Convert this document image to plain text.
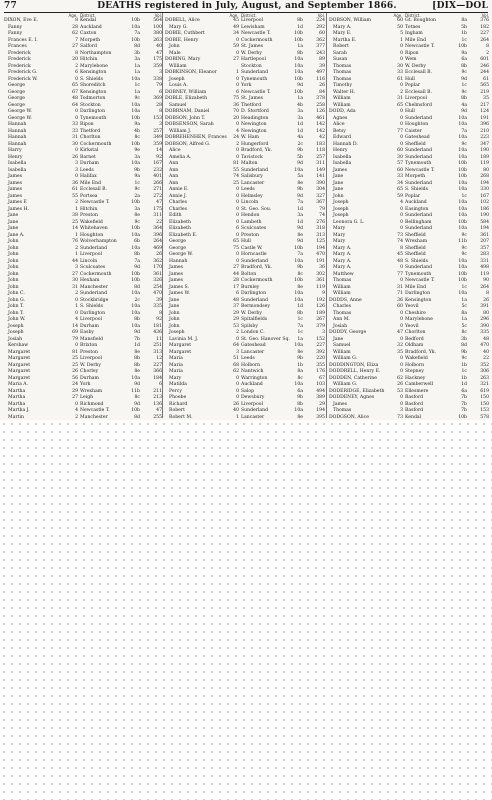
77	DEATHS registered in July, August, and September 1866.	[DIX—DOL
Age. District.	Vol.
DIXON, Eve E.	8 Kendal	10b	564
Fanny	28 Auckland	10a	100
Fanny	62 Caxton	7a	380
Frances E. I.	7 Morpeth	10b	263
Frances	27 Salford	8d	40
Frederick	8 Northampton	3b	47
Frederick	20 Hitchin	3a	175
Frederick	2 Marylebone	1a	359
Frederick G.	6 Kensington	1a	3
Frederick W.	0 S. Shields	10a	338
George	65 Shoreditch	1c	79
George	67 Kensington	1a	6
George	48 Todmorton	9c	369
George	64 Stockton	10a	28
George W.	0 Darlington	10a	8
George W.	0 Tynemouth	10b	153
Hannah	33 Ripon	9a	3
Hannah	33 Thetford	4b	257
Hannah	31 Chorlton	8c	349
Hannah	30 Cockermouth	10b	359
Harry	0 Kirkstal	9e	14
Henry	26 Barnet	3a	92
Isabella	3 Durham	10a	167
Isabella	3 Leeds	9b	232
James	0 Halifax	9a	401
James	36 Mile End	1c	266
James	61 Ecclesall B.	9c	271
James	55 Portsea	2a	272
James F.	2 Newcastle T.	10b	47
James H.	1 Hitchin	3a	175
Jane	38 Preston	8e	311
Jane	25 Wakefield	9c	22
Jane	14 Whitehaven	10b	364
Jane A.	1 Houghton	10a	396
John	76 Wolverhampton	6b	264
John	2 Sunderland	10a	469
John	1 Liverpool	8b	26
John	44 Lincoln	7a	362
John	3 Sculcoates	9d	170
John	27 Cockermouth	10b	361
John	30 Hexham	10b	326
John	31 Manchester	8d	254
John C.	2 Sunderland	10a	470
John G.	0 Stockbridge	2c	39
John T.	1 S. Shields	10a	335
John T.	0 Darlington	10a	8
John W.	4 Liverpool	8b	92
Joseph	14 Durham	10a	181
Joseph	69 Easby	9d	436
Josiah	79 Mansfield	7b	11
Kershaw	0 Brixton	1d	251
Margaret	81 Preston	8e	313
Margaret	25 Liverpool	8b	12
Margaret	25 W. Derby	8b	227
Margaret	26 Chorley	8e	366
Margaret	56 Durham	10a	184
Maria A.	24 York	9d	6
Martha	29 Wrexham	11b	211
Martha	27 Leigh	8c	213
Martha	0 Richmond	9d	136
Martha J.	4 Newcastle T.	10b	47
Martin	2 Manchester	8d	255
Age. District.	Vol.
DOBELL, Alice	45 Liverpool	8b	224
Mary G.	49 Lewisham	1d	292
DOBIE, Cuthbert	34 Newcastle T.	10b	60
DOBIE, Henry	0 Cockermouth	10b	362
John	59 St. James	1a	377
Male	0 W. Derby	8b	243
DOBING, Mary	27 Hartlepool	10a	89
William	Stockton	10a	39
DOBKINSON, Eleanor	1 Sunderland	10a	497
Joseph	0 Tynemouth	10b	116
Louis A.	0 York	9d	26
DOBNEY, William	6 Newcastle T.	10b	84
DOBLE, Elizabeth	75 St. James	1a	378
Samuel	36 Thetford	4b	258
DOBRNAM, Daniel	70 D. Stortford	3a	126
DOBSON, John T.	20 Headington	3a	461
DOBSENSON, Sarah	0 Newington	1d	142
William J.	4 Newington	1d	142
DOBREHENHEN, Frances	24 W. Ham	4a	42
DOBSON, Alfred G.	2 Hungerford	2c	183
Alice	0 Bradford, Yk.	9b	118
Amelia A.	0 Tavistock	5b	257
Ann	81 Malton	9d	311
Ann	55 Sunderland	10a	149
Ann	74 Salisbury	5a	141
Ann	25 Lancaster	8e	390
Annie E.	0 Leeds	9b	304
Annie J.	0 Helmsley	9d	327
Charles	0 Lincoln	7a	367
Charles	0 St. Geo. Sou.	1d	79
Edith	0 Hendon	3a	74
Elizabeth	0 Lambeth	1d	276
Elizabeth	6 Sculcoates	9d	318
Elizabeth E.	0 Preston	8e	313
George	65 Hull	9d	125
George	75 Castle W.	10b	194
George W.	0 Horncastle	7a	470
Hannah	0 Sunderland	10a	191
James	27 Bradford, Yk.	9b	36
James	44 Bolton	8c	302
James	28 Cockermouth	10b	361
James S.	17 Burnley	8e	119
James W.	6 Darlington	10a	9
Jane	48 Sunderland	10a	192
Jane	37 Bermondsey	1d	126
John	29 W. Derby	8b	189
John	29 Spitalfields	1c	267
John	53 Spilsby	7a	379
Joseph	2 London C.	1c	3
Lavinia M. J.	0 St. Geo. Hanover Sq.	1a	152
Margaret	64 Gateshead	10a	227
Margaret	3 Lancaster	8e	392
Maria	51 Leeds	9b	220
Maria	68 Holborn	1b	355
Maria	62 Nantwich	8a	176
Mary	0 Warrington	8c	67
Matilda	0 Auckland	10a	103
Percy	0 Salop	6a	494
Phoebe	0 Dewsbury	9b	389
Richard	26 Liverpool	8b	29
Robert	40 Sunderland	10a	194
Robert M.	1 Lancaster	8e	395
Age. District.	Vol.
DOBSON, William	60 Gt. Boughton	8a	376
Mary A.	50 Totnes	5b	182
Mary E.	5 Ingham	1b	227
Martha E.	1 Mile End	1c	264
Robert	0 Newcastle T.	10b	8
Sarah	0 Ripon	9a	2
Susan	0 Wem	6a	601
Thomas	30 W. Derby	8b	246
Thomas	33 Ecclesall B.	9c	244
Thomas	61 Hull	9d	61
Timothy	0 Poplar	1c	565
Walter H.	2 Ecclesall B.	9c	219
William	31 Liverpool	8b	35
William	65 Chelmsford	4a	217
DODD, Ada	0 Hull	9d	124
Agnes	0 Sunderland	10a	191
Alice	0 Houghton	10a	396
Betsy	77 Caister	7a	210
Edward	0 Gateshead	10a	223
Hannah D.	0 Sheffield	9c	347
Henry	60 Sunderland	10a	190
Isabella	30 Sunderland	10a	189
Isabella	57 Tynemouth	10b	119
James	60 Newcastle T.	10b	80
Jane	33 Morpeth	10b	268
Jane	34 Sunderland	10a	194
Jane	65 S. Shields	10a	330
John	59 Poplar	1c	167
Joseph	4 Auckland	10a	102
Joseph	0 Easington	10a	186
Joseph	0 Sunderland	10a	190
Leonora G. L.	0 Bellingham	10b	584
Mary	0 Sunderland	10a	194
Mary	73 Sheffield	9c	361
Mary	74 Wrexham	11b	207
Mary A.	8 Sheffield	9c	357
Mary A.	45 Sheffield	9c	283
Mary A.	48 S. Shields	10a	331
Mary A.	0 Sunderland	10a	498
Matthew	77 Tynemouth	10b	119
Thomas	0 Newcastle T.	10b	90
William	31 Mile End	1c	264
William	71 Darlington	10a	8
DODDS, Anne	36 Kensington	1a	26
Charles	60 Yeovil	5c	391
Thomas	0 Cheshire	8a	80
Ann M.	0 Marylebone	1a	296
Josiah	0 Yeovil	5c	390
DODDY, George	47 Chorlton	8c	335
Jane	0 Bedford	3b	48
Samuel	32 Oldham	8d	470
William	35 Bradford, Yk.	9b	40
William G.	0 Wakefield	9c	22
DODDINGTON, Eliza	0 Holborn	1b	352
DODDRELL, Henry E.	0 Stepney	1c	306
DODDEN, Catherine	62 Hackney	1b	263
William G.	26 Camberwell	1d	321
DODERIDGE, Elizabeth	53 Ellesmere	6a	619
DODDENEY, Agnes	0 Basford	7b	150
James	0 Basford	7b	150
Thomas	3 Basford	7b	153
DODGSON, Alice	73 Kendal	10b	578
